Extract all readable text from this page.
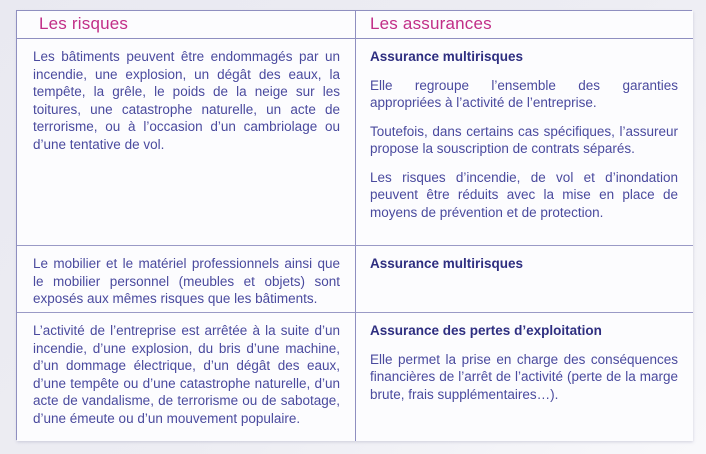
Les risques	Les assurances

Les bâtiments peuvent être endommagés par un incendie, une explosion, un dégât des eaux, la tempête, la grêle, le poids de la neige sur les toitures, une catastrophe naturelle, un acte de terrorisme, ou à l’occasion d’un cambriolage ou d’une tentative de vol.

Assurance multirisques

Elle regroupe l’ensemble des garanties appropriées à l’activité de l’entreprise.

Toutefois, dans certains cas spécifiques, l’assureur propose la souscription de contrats séparés.

Les risques d’incendie, de vol et d’inondation peuvent être réduits avec la mise en place de moyens de prévention et de protection.

Le mobilier et le matériel professionnels ainsi que le mobilier personnel (meubles et objets) sont exposés aux mêmes risques que les bâtiments.

Assurance multirisques

L’activité de l’entreprise est arrêtée à la suite d’un incendie, d’une explosion, du bris d’une machine, d’un dommage électrique, d’un dégât des eaux, d’une tempête ou d’une catastrophe naturelle, d’un acte de vandalisme, de terrorisme ou de sabotage, d’une émeute ou d’un mouvement populaire.

Assurance des pertes d’exploitation

Elle permet la prise en charge des conséquences financières de l’arrêt de l’activité (perte de la marge brute, frais supplémentaires…).
